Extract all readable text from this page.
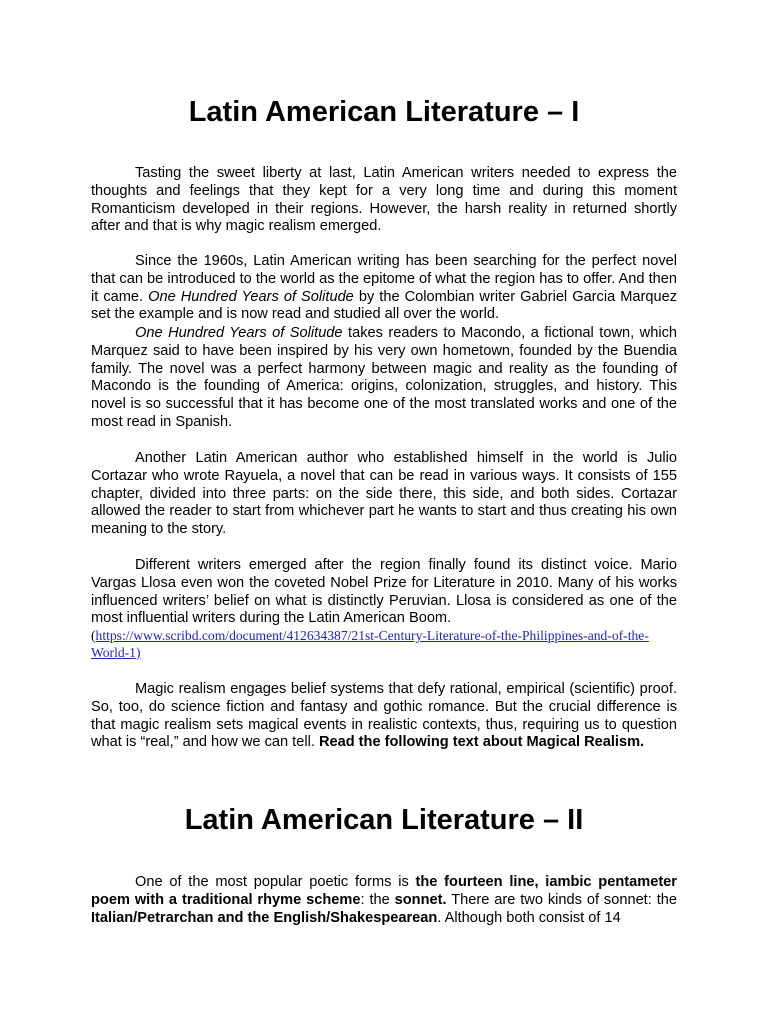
Latin American Literature – I

Tasting the sweet liberty at last, Latin American writers needed to express the thoughts and feelings that they kept for a very long time and during this moment Romanticism developed in their regions. However, the harsh reality in returned shortly after and that is why magic realism emerged.

Since the 1960s, Latin American writing has been searching for the perfect novel that can be introduced to the world as the epitome of what the region has to offer. And then it came. One Hundred Years of Solitude by the Colombian writer Gabriel Garcia Marquez set the example and is now read and studied all over the world.

One Hundred Years of Solitude takes readers to Macondo, a fictional town, which Marquez said to have been inspired by his very own hometown, founded by the Buendia family. The novel was a perfect harmony between magic and reality as the founding of Macondo is the founding of America: origins, colonization, struggles, and history. This novel is so successful that it has become one of the most translated works and one of the most read in Spanish.

Another Latin American author who established himself in the world is Julio Cortazar who wrote Rayuela, a novel that can be read in various ways. It consists of 155 chapter, divided into three parts: on the side there, this side, and both sides. Cortazar allowed the reader to start from whichever part he wants to start and thus creating his own meaning to the story.

Different writers emerged after the region finally found its distinct voice. Mario Vargas Llosa even won the coveted Nobel Prize for Literature in 2010. Many of his works influenced writers’ belief on what is distinctly Peruvian. Llosa is considered as one of the most influential writers during the Latin American Boom.
(https://www.scribd.com/document/412634387/21st-Century-Literature-of-the-Philippines-and-of-the-World-1)

Magic realism engages belief systems that defy rational, empirical (scientific) proof. So, too, do science fiction and fantasy and gothic romance. But the crucial difference is that magic realism sets magical events in realistic contexts, thus, requiring us to question what is “real,” and how we can tell. Read the following text about Magical Realism.

Latin American Literature – II

One of the most popular poetic forms is the fourteen line, iambic pentameter poem with a traditional rhyme scheme: the sonnet. There are two kinds of sonnet: the Italian/Petrarchan and the English/Shakespearean. Although both consist of 14
